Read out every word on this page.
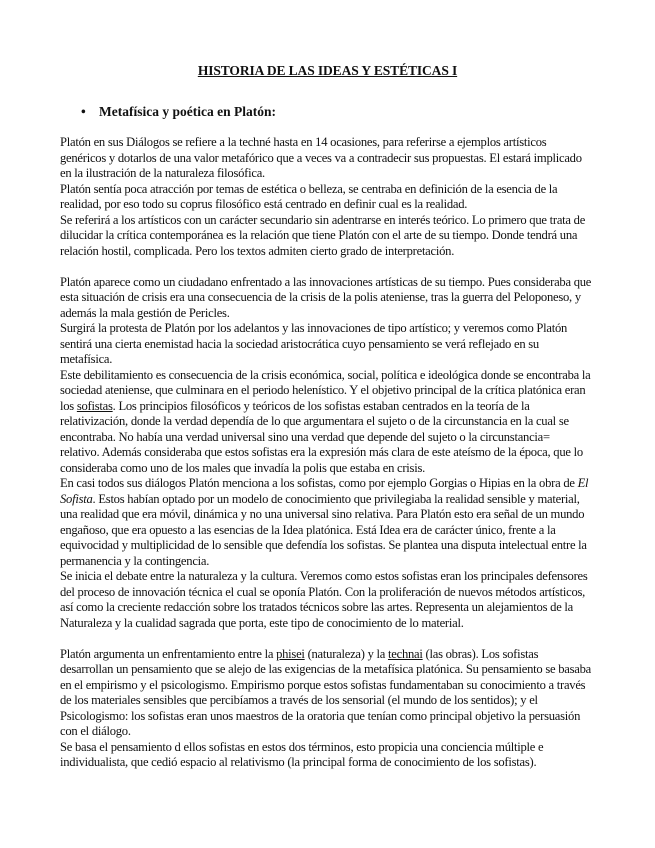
HISTORIA DE LAS IDEAS Y ESTÉTICAS I
• Metafísica y poética en Platón:

Platón en sus Diálogos se refiere a la techné hasta en 14 ocasiones, para referirse a ejemplos artísticos genéricos y dotarlos de una valor metafórico que a veces va a contradecir sus propuestas. El estará implicado en la ilustración de la naturaleza filosófica.

Platón sentía poca atracción por temas de estética o belleza, se centraba en definición de la esencia de la realidad, por eso todo su coprus filosófico está centrado en definir cual es la realidad.

Se referirá a los artísticos con un carácter secundario sin adentrarse en interés teórico. Lo primero que trata de dilucidar la crítica contemporánea es la relación que tiene Platón con el arte de su tiempo. Donde tendrá una relación hostil, complicada. Pero los textos admiten cierto grado de interpretación.

Platón aparece como un ciudadano enfrentado a las innovaciones artísticas de su tiempo. Pues consideraba que esta situación de crisis era una consecuencia de la crisis de la polis ateniense, tras la guerra del Peloponeso, y además la mala gestión de Pericles.

Surgirá la protesta de Platón por los adelantos y las innovaciones de tipo artístico; y veremos como Platón sentirá una cierta enemistad hacia la sociedad aristocrática cuyo pensamiento se verá reflejado en su metafísica.

Este debilitamiento es consecuencia de la crisis económica, social, política e ideológica donde se encontraba la sociedad ateniense, que culminara en el periodo helenístico. Y el objetivo principal de la crítica platónica eran los sofistas. Los principios filosóficos y teóricos de los sofistas estaban centrados en la teoría de la relativización, donde la verdad dependía de lo que argumentara el sujeto o de la circunstancia en la cual se encontraba. No había una verdad universal sino una verdad que depende del sujeto o la circunstancia= relativo. Además consideraba que estos sofistas era la expresión más clara de este ateísmo de la época, que lo consideraba como uno de los males que invadía la polis que estaba en crisis.

En casi todos sus diálogos Platón menciona a los sofistas, como por ejemplo Gorgias o Hipias en la obra de El Sofista. Estos habían optado por un modelo de conocimiento que privilegiaba la realidad sensible y material, una realidad que era móvil, dinámica y no una universal sino relativa. Para Platón esto era señal de un mundo engañoso, que era opuesto a las esencias de la Idea platónica. Está Idea era de carácter único, frente a la equivocidad y multiplicidad de lo sensible que defendía los sofistas. Se plantea una disputa intelectual entre la permanencia y la contingencia.

Se inicia el debate entre la naturaleza y la cultura. Veremos como estos sofistas eran los principales defensores del proceso de innovación técnica el cual se oponía Platón. Con la proliferación de nuevos métodos artísticos, así como la creciente redacción sobre los tratados técnicos sobre las artes. Representa un alejamientos de la Naturaleza y la cualidad sagrada que porta, este tipo de conocimiento de lo material.

Platón argumenta un enfrentamiento entre la phisei (naturaleza) y la technai (las obras). Los sofistas desarrollan un pensamiento que se alejo de las exigencias de la metafísica platónica. Su pensamiento se basaba en el empirismo y el psicologismo. Empirismo porque estos sofistas fundamentaban su conocimiento a través de los materiales sensibles que percibíamos a través de los sensorial (el mundo de los sentidos); y el Psicologismo: los sofistas eran unos maestros de la oratoria que tenían como principal objetivo la persuasión con el diálogo.

Se basa el pensamiento d ellos sofistas en estos dos términos, esto propicia una conciencia múltiple e individualista, que cedió espacio al relativismo (la principal forma de conocimiento de los sofistas).
